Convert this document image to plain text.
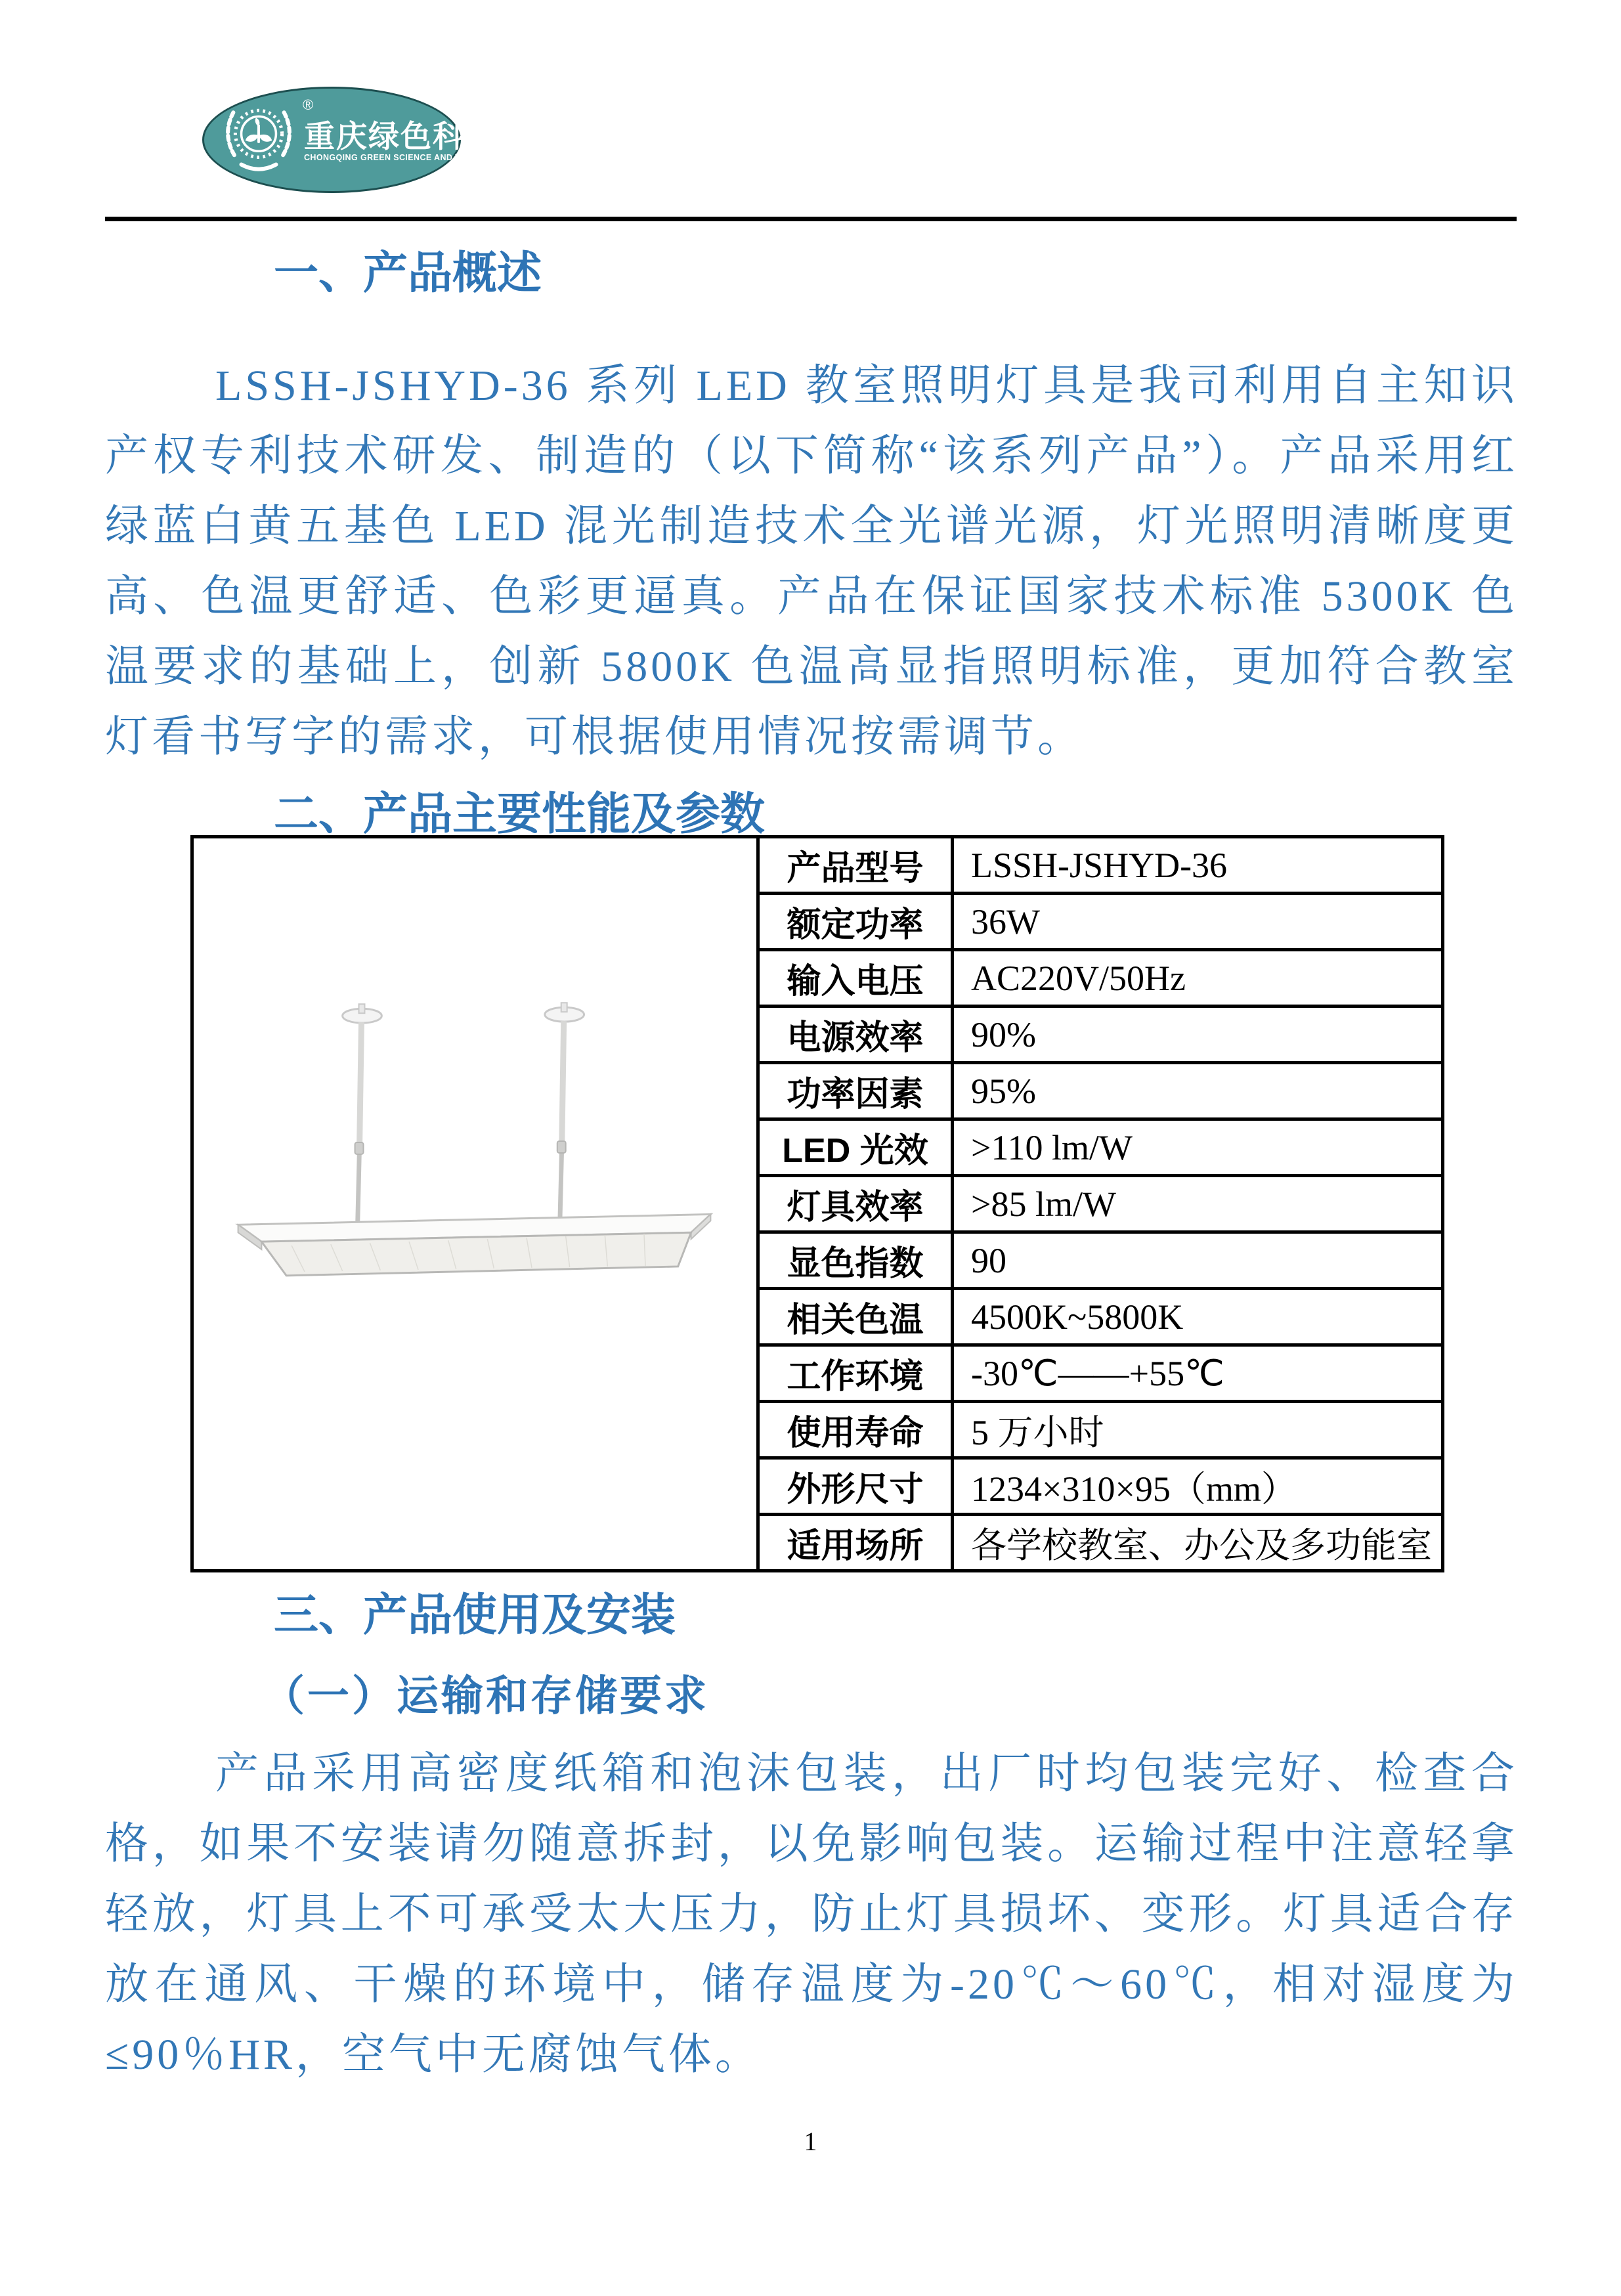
®
重庆绿色科技
CHONGQING GREEN SCIENCE AND TECHNOLOG
一、产品概述
LSSH-JSHYD-36 系列 LED 教室照明灯具是我司利用自主知识产权专利技术研发、制造的（以下简称“该系列产品”）。产品采用红绿蓝白黄五基色 LED 混光制造技术全光谱光源，灯光照明清晰度更高、色温更舒适、色彩更逼真。产品在保证国家技术标准 5300K 色温要求的基础上，创新 5800K 色温高显指照明标准，更加符合教室灯看书写字的需求，可根据使用情况按需调节。
二、产品主要性能及参数
	产品型号	LSSH-JSHYD-36
	额定功率	36W
	输入电压	AC220V/50Hz
	电源效率	90%
	功率因素	95%
	LED 光效	>110 lm/W
	灯具效率	>85 lm/W
	显色指数	90
	相关色温	4500K~5800K
	工作环境	-30℃——+55℃
	使用寿命	5 万小时
	外形尺寸	1234×310×95（mm）
	适用场所	各学校教室、办公及多功能室
三、产品使用及安装
（一）运输和存储要求
产品采用高密度纸箱和泡沫包装，出厂时均包装完好、检查合格，如果不安装请勿随意拆封，以免影响包装。运输过程中注意轻拿轻放，灯具上不可承受太大压力，防止灯具损坏、变形。灯具适合存放在通风、干燥的环境中，储存温度为-20℃～60℃，相对湿度为≤90％HR，空气中无腐蚀气体。
1
